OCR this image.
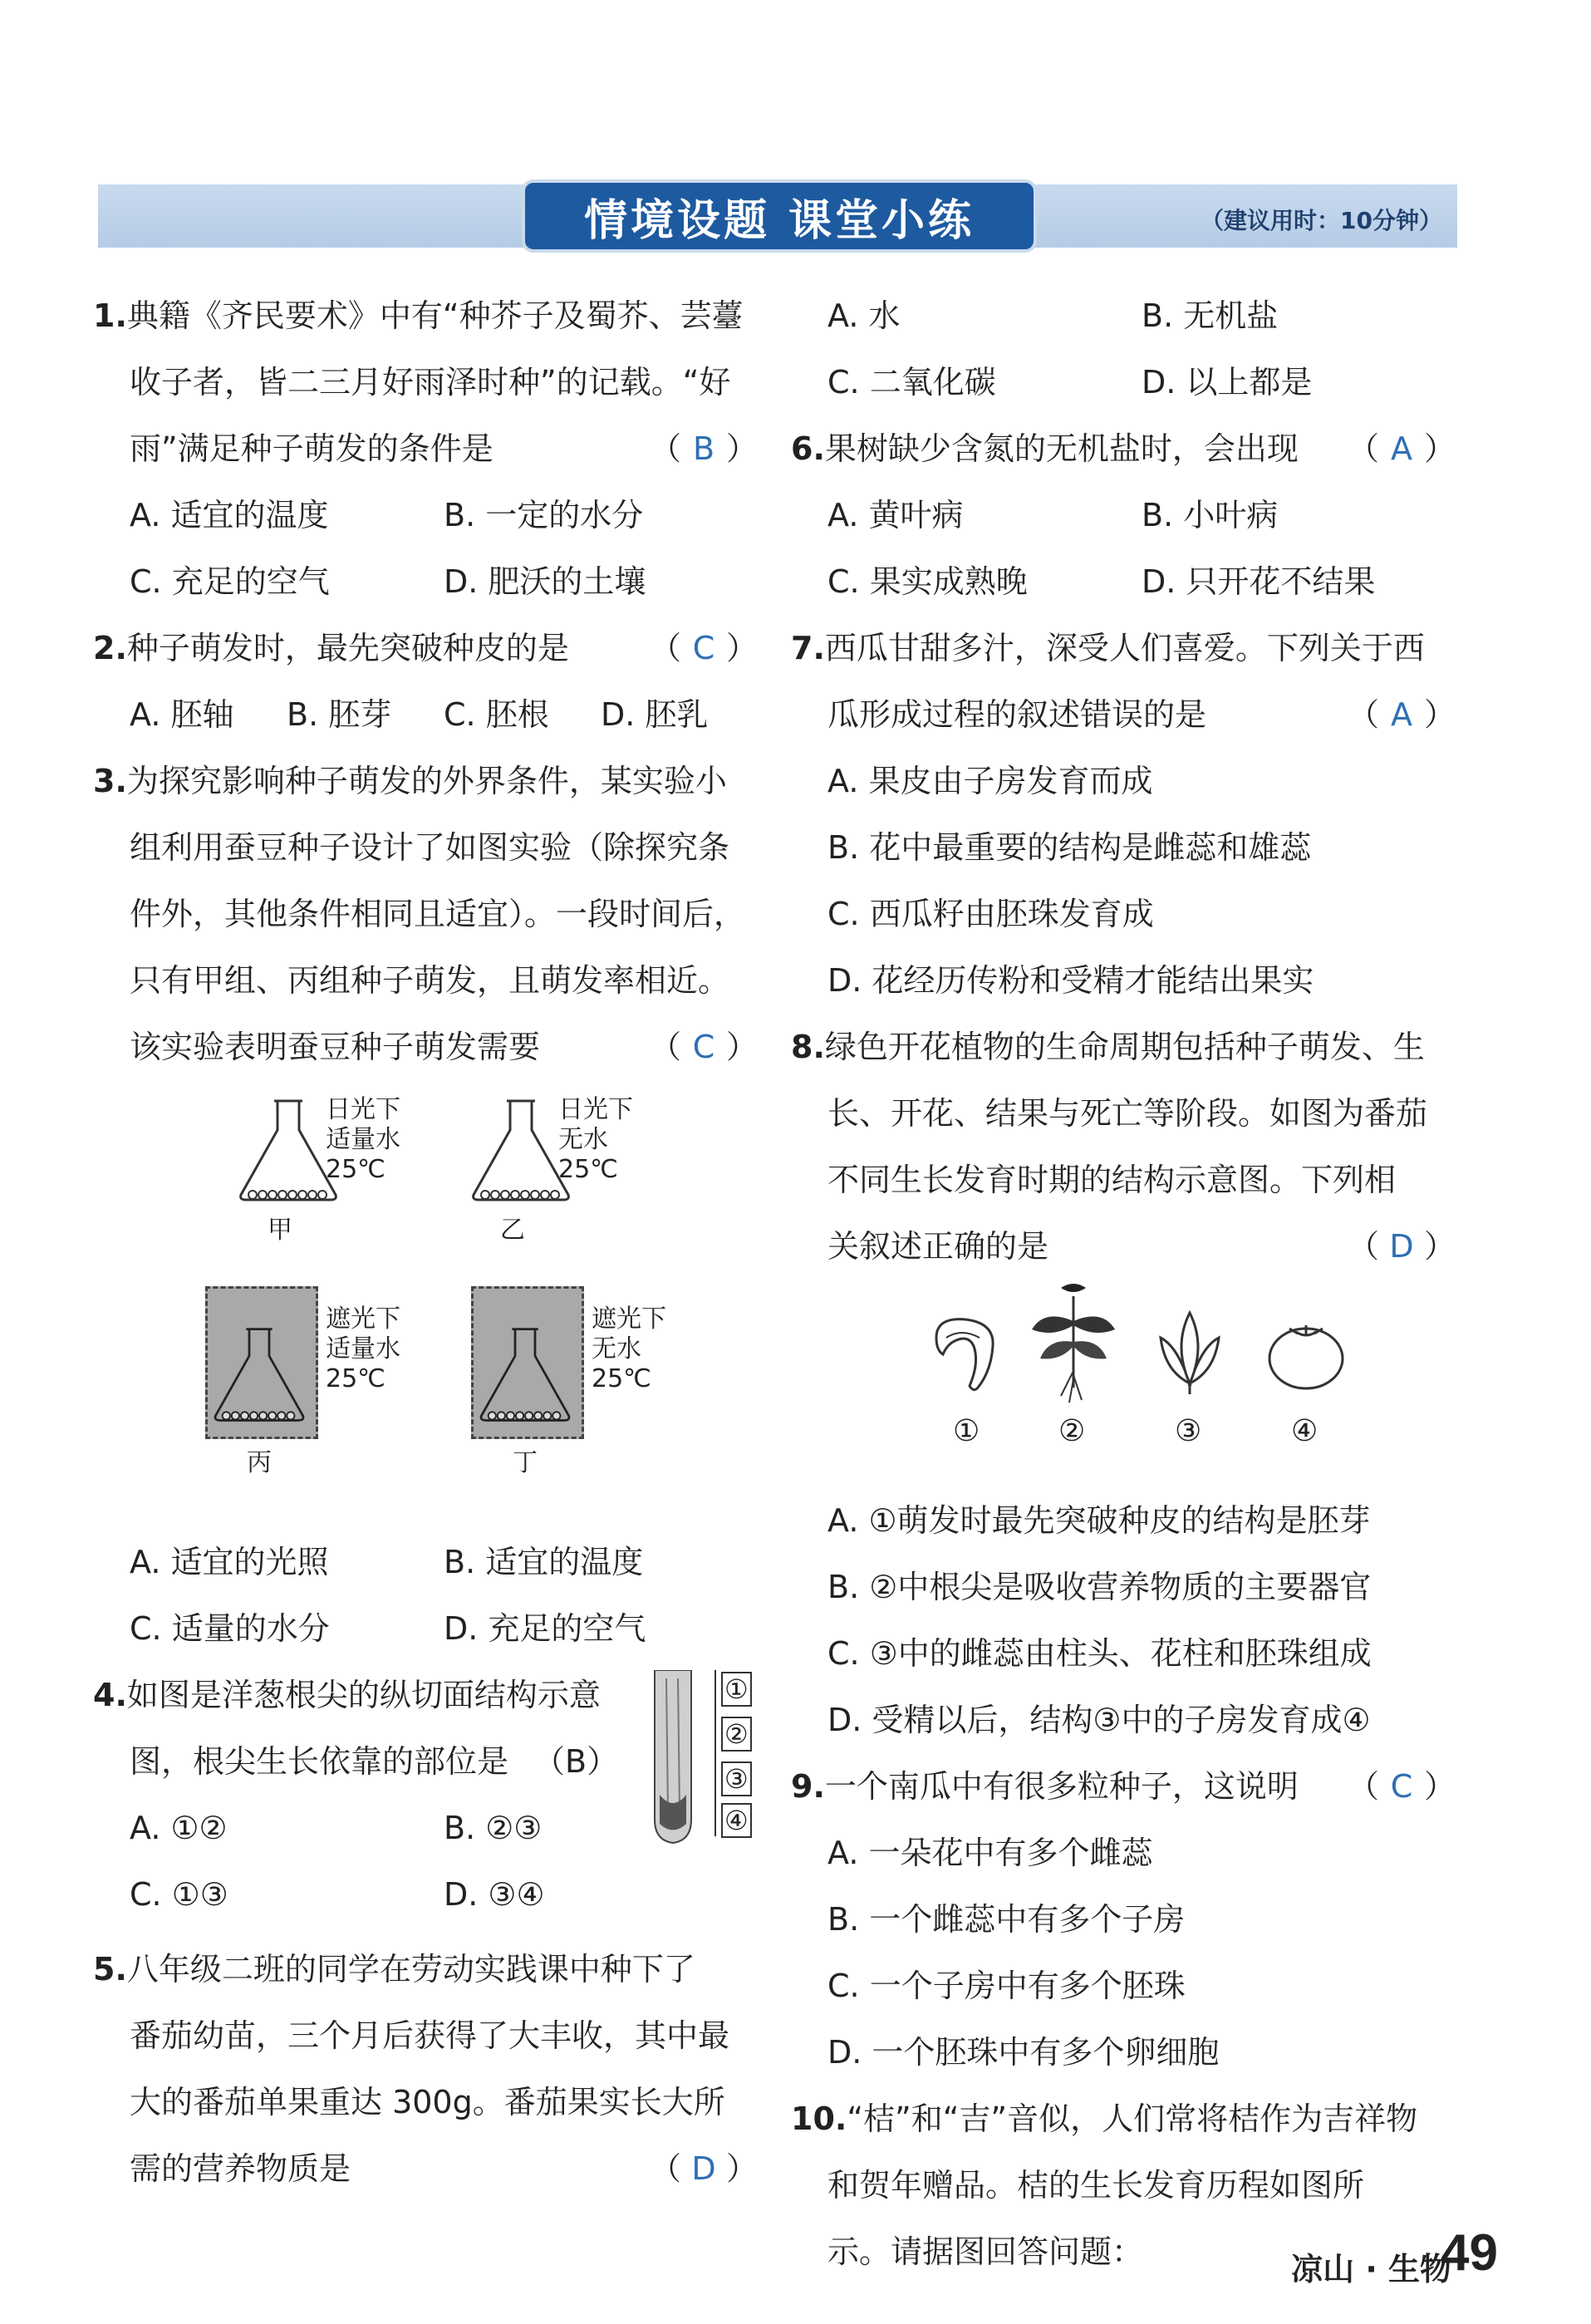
情境设题 课堂小练	（建议用时：10分钟）
1.典籍《齐民要术》中有“种芥子及蜀芥、芸薹
收子者，皆二三月好雨泽时种”的记载。“好
雨”满足种子萌发的条件是	（ B ）
A. 适宜的温度	B. 一定的水分
C. 充足的空气	D. 肥沃的土壤
2.种子萌发时，最先突破种皮的是	（ C ）
A. 胚轴	B. 胚芽	C. 胚根	D. 胚乳
3.为探究影响种子萌发的外界条件，某实验小
组利用蚕豆种子设计了如图实验（除探究条
件外，其他条件相同且适宜）。一段时间后，
只有甲组、丙组种子萌发，且萌发率相近。
该实验表明蚕豆种子萌发需要	（ C ）
日光下
适量水
25℃
甲
日光下
无水
25℃
乙
遮光下
适量水
25℃
丙
遮光下
无水
25℃
丁
A. 适宜的光照	B. 适宜的温度
C. 适量的水分	D. 充足的空气
4.如图是洋葱根尖的纵切面结构示意
图，根尖生长依靠的部位是 （B）
A. ①②	B. ②③
C. ①③	D. ③④
①
②
③
④
5.八年级二班的同学在劳动实践课中种下了
番茄幼苗，三个月后获得了大丰收，其中最
大的番茄单果重达 300g。番茄果实长大所
需的营养物质是	（ D ）
A. 水	B. 无机盐
C. 二氧化碳	D. 以上都是
6.果树缺少含氮的无机盐时，会出现 （ A ）
A. 黄叶病	B. 小叶病
C. 果实成熟晚	D. 只开花不结果
7.西瓜甘甜多汁，深受人们喜爱。下列关于西
瓜形成过程的叙述错误的是	（ A ）
A. 果皮由子房发育而成
B. 花中最重要的结构是雌蕊和雄蕊
C. 西瓜籽由胚珠发育成
D. 花经历传粉和受精才能结出果实
8.绿色开花植物的生命周期包括种子萌发、生
长、开花、结果与死亡等阶段。如图为番茄
不同生长发育时期的结构示意图。下列相
关叙述正确的是	（ D ）
①	②	③	④
A. ①萌发时最先突破种皮的结构是胚芽
B. ②中根尖是吸收营养物质的主要器官
C. ③中的雌蕊由柱头、花柱和胚珠组成
D. 受精以后，结构③中的子房发育成④
9.一个南瓜中有很多粒种子，这说明 （ C ）
A. 一朵花中有多个雌蕊
B. 一个雌蕊中有多个子房
C. 一个子房中有多个胚珠
D. 一个胚珠中有多个卵细胞
10.“桔”和“吉”音似，人们常将桔作为吉祥物
和贺年赠品。桔的生长发育历程如图所
示。请据图回答问题：	凉山 · 生物
49
